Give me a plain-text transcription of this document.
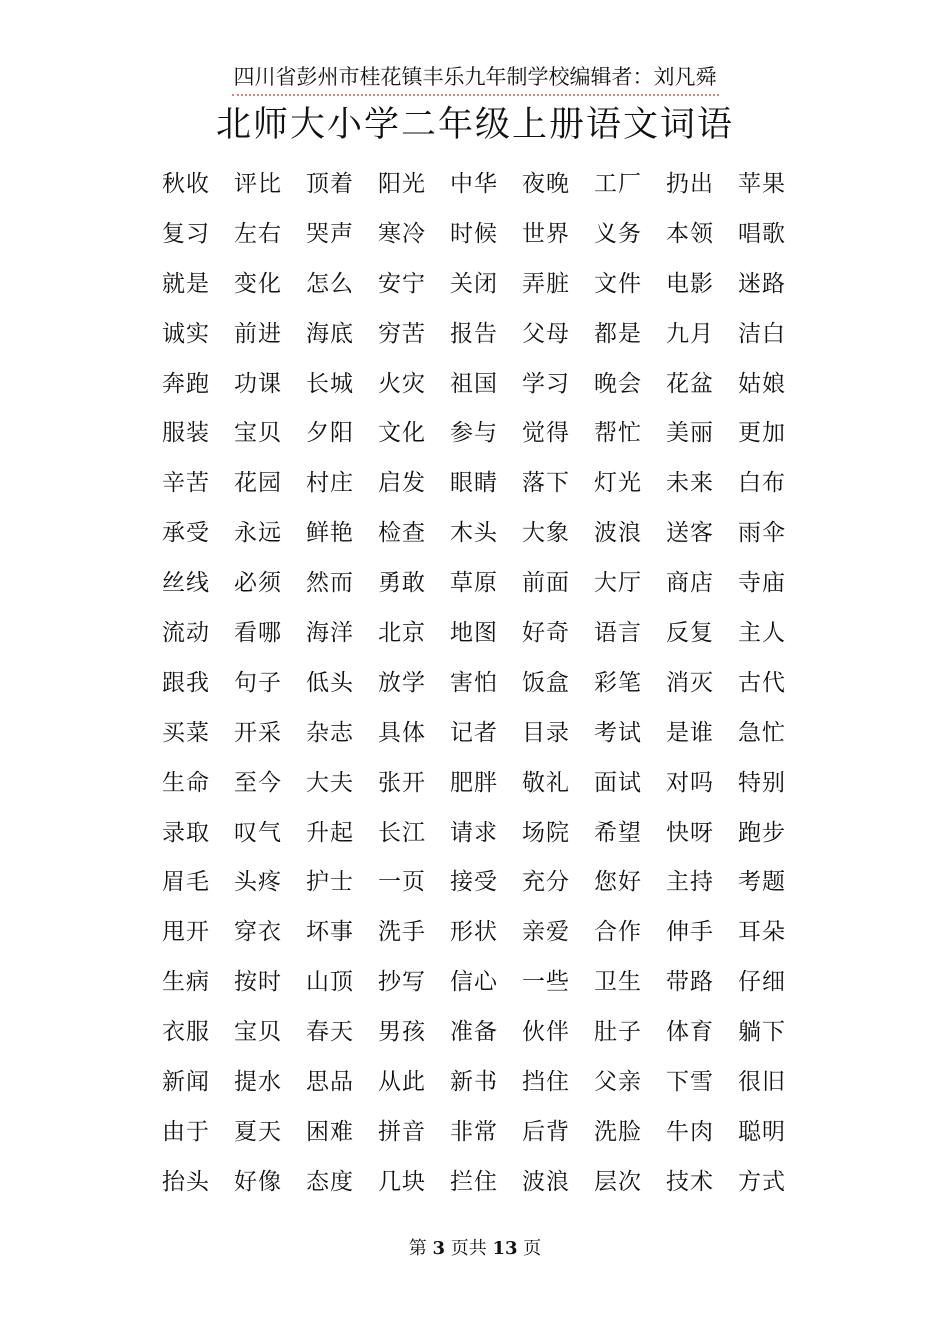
四川省彭州市桂花镇丰乐九年制学校编辑者：刘凡舜
北师大小学二年级上册语文词语
秋收	评比	顶着	阳光	中华	夜晚	工厂	扔出	苹果
复习	左右	哭声	寒冷	时候	世界	义务	本领	唱歌
就是	变化	怎么	安宁	关闭	弄脏	文件	电影	迷路
诚实	前进	海底	穷苦	报告	父母	都是	九月	洁白
奔跑	功课	长城	火灾	祖国	学习	晚会	花盆	姑娘
服装	宝贝	夕阳	文化	参与	觉得	帮忙	美丽	更加
辛苦	花园	村庄	启发	眼睛	落下	灯光	未来	白布
承受	永远	鲜艳	检查	木头	大象	波浪	送客	雨伞
丝线	必须	然而	勇敢	草原	前面	大厅	商店	寺庙
流动	看哪	海洋	北京	地图	好奇	语言	反复	主人
跟我	句子	低头	放学	害怕	饭盒	彩笔	消灭	古代
买菜	开采	杂志	具体	记者	目录	考试	是谁	急忙
生命	至今	大夫	张开	肥胖	敬礼	面试	对吗	特别
录取	叹气	升起	长江	请求	场院	希望	快呀	跑步
眉毛	头疼	护士	一页	接受	充分	您好	主持	考题
甩开	穿衣	坏事	洗手	形状	亲爱	合作	伸手	耳朵
生病	按时	山顶	抄写	信心	一些	卫生	带路	仔细
衣服	宝贝	春天	男孩	准备	伙伴	肚子	体育	躺下
新闻	提水	思品	从此	新书	挡住	父亲	下雪	很旧
由于	夏天	困难	拼音	非常	后背	洗脸	牛肉	聪明
抬头	好像	态度	几块	拦住	波浪	层次	技术	方式
第 3 页共 13 页
